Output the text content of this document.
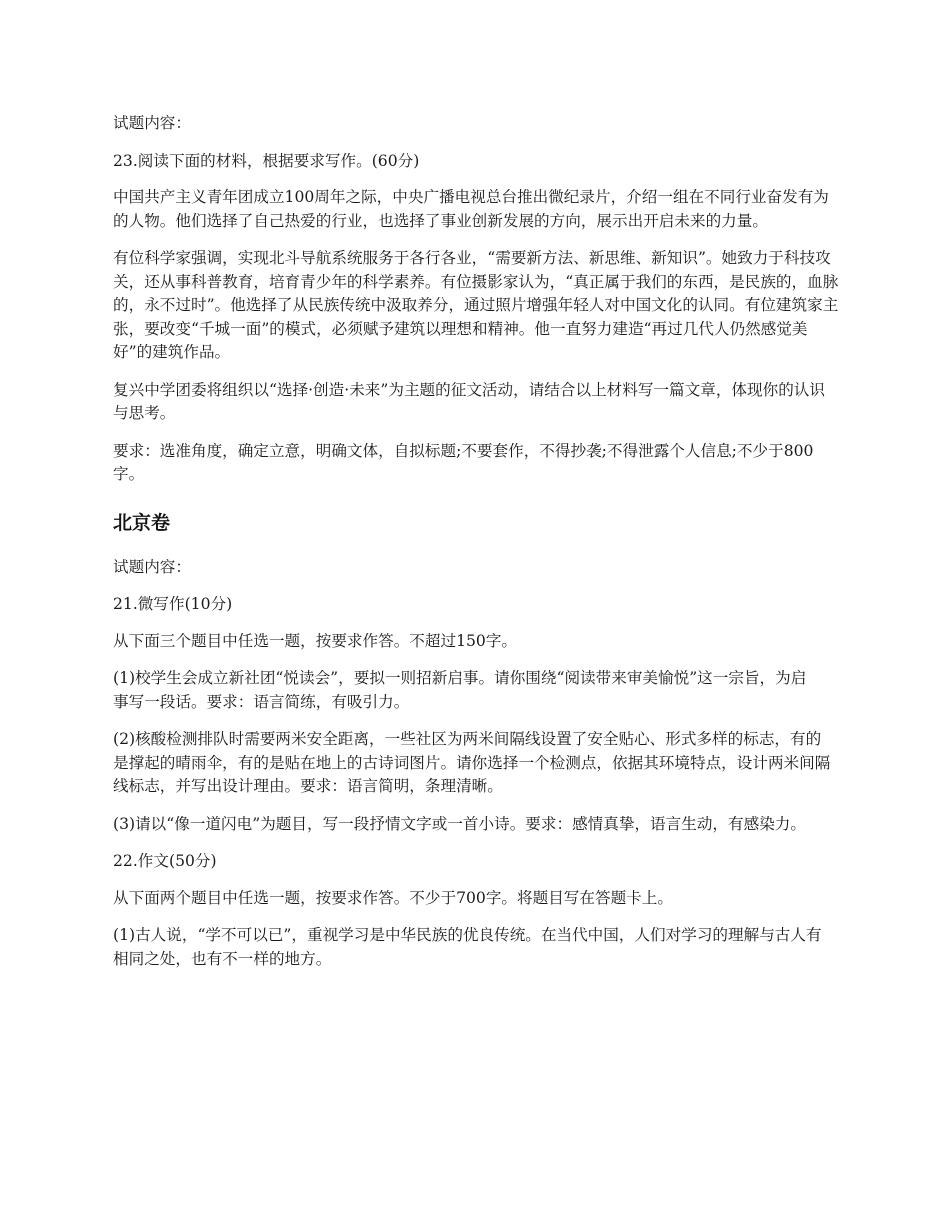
试题内容：

23.阅读下面的材料，根据要求写作。(60分)

中国共产主义青年团成立100周年之际，中央广播电视总台推出微纪录片，介绍一组在不同行业奋发有为的人物。他们选择了自己热爱的行业，也选择了事业创新发展的方向，展示出开启未来的力量。

有位科学家强调，实现北斗导航系统服务于各行各业，“需要新方法、新思维、新知识”。她致力于科技攻关，还从事科普教育，培育青少年的科学素养。有位摄影家认为，“真正属于我们的东西，是民族的，血脉的，永不过时”。他选择了从民族传统中汲取养分，通过照片增强年轻人对中国文化的认同。有位建筑家主张，要改变“千城一面”的模式，必须赋予建筑以理想和精神。他一直努力建造“再过几代人仍然感觉美好”的建筑作品。

复兴中学团委将组织以“选择·创造·未来”为主题的征文活动，请结合以上材料写一篇文章，体现你的认识与思考。

要求：选准角度，确定立意，明确文体，自拟标题;不要套作，不得抄袭;不得泄露个人信息;不少于800字。

北京卷

试题内容：

21.微写作(10分)

从下面三个题目中任选一题，按要求作答。不超过150字。

(1)校学生会成立新社团“悦读会”，要拟一则招新启事。请你围绕“阅读带来审美愉悦”这一宗旨，为启事写一段话。要求：语言简练，有吸引力。

(2)核酸检测排队时需要两米安全距离，一些社区为两米间隔线设置了安全贴心、形式多样的标志，有的是撑起的晴雨伞，有的是贴在地上的古诗词图片。请你选择一个检测点，依据其环境特点，设计两米间隔线标志，并写出设计理由。要求：语言简明，条理清晰。

(3)请以“像一道闪电”为题目，写一段抒情文字或一首小诗。要求：感情真挚，语言生动，有感染力。

22.作文(50分)

从下面两个题目中任选一题，按要求作答。不少于700字。将题目写在答题卡上。

(1)古人说，“学不可以已”，重视学习是中华民族的优良传统。在当代中国，人们对学习的理解与古人有相同之处，也有不一样的地方。
